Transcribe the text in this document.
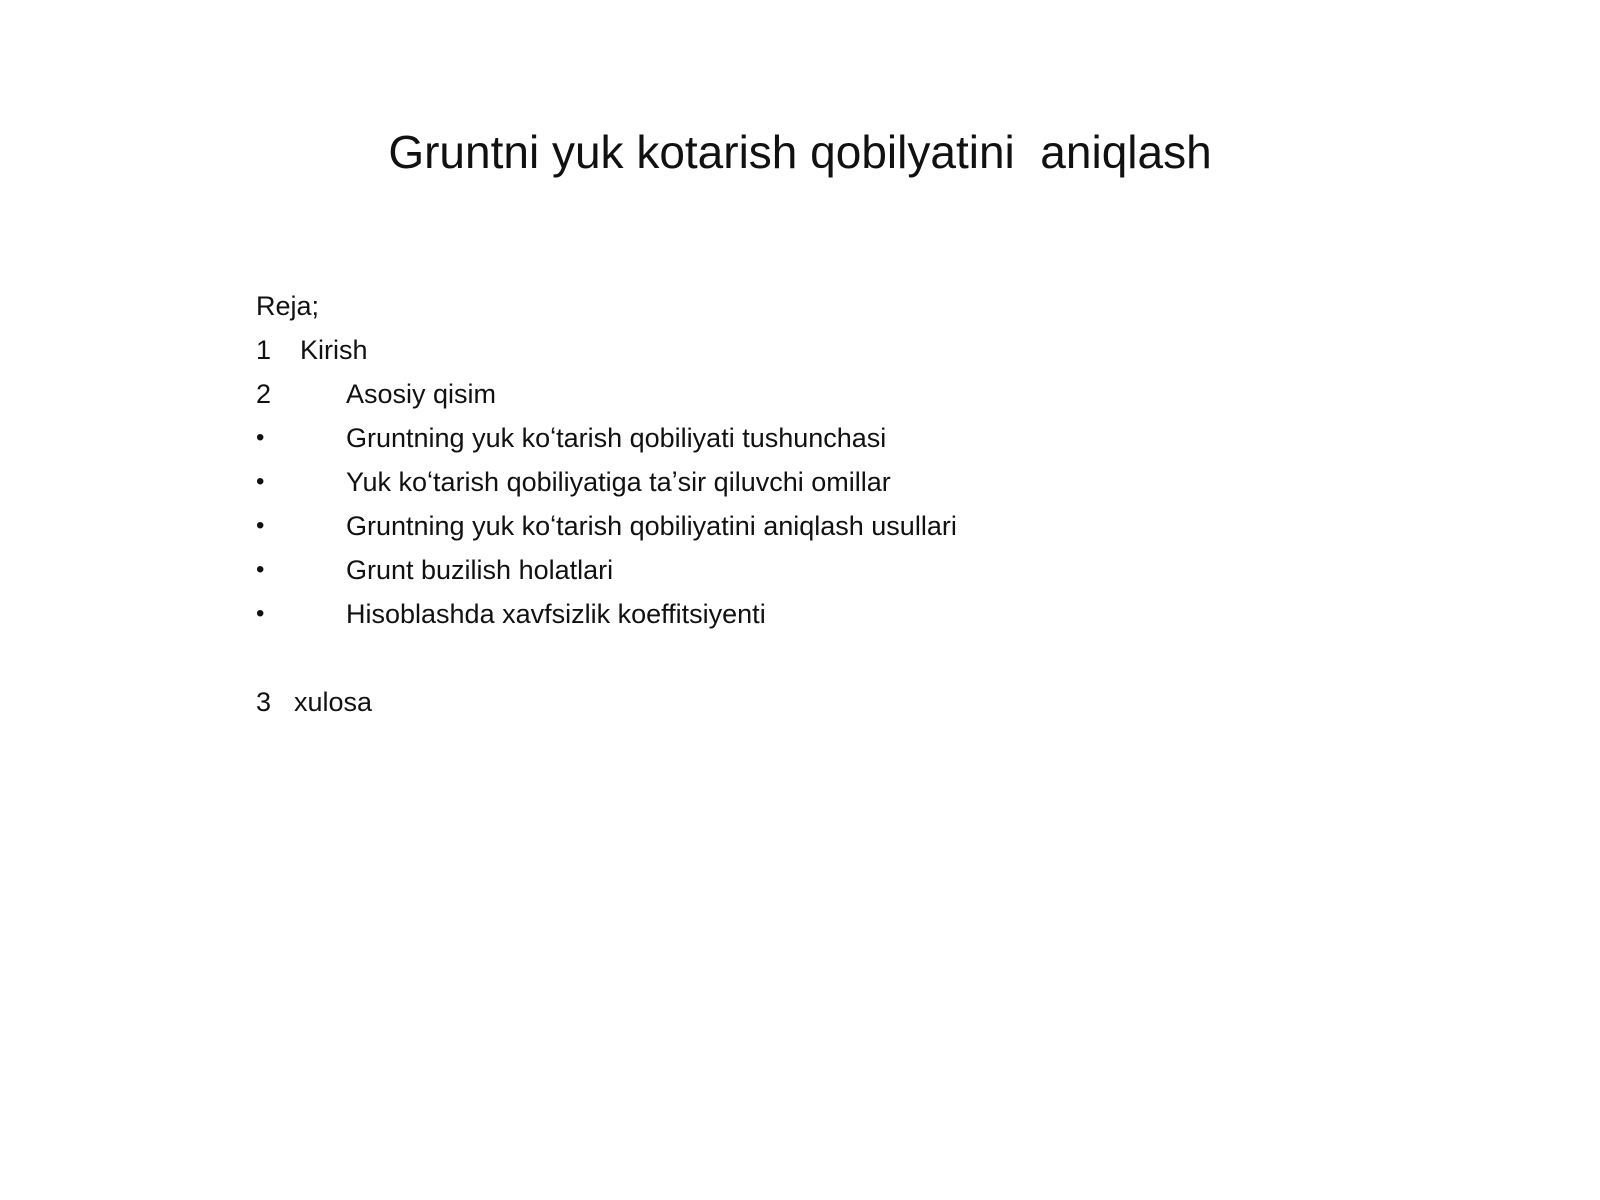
Gruntni yuk kotarish qobilyatini  aniqlash
Reja;
1 Kirish
2	Asosiy qisim
•	Gruntning yuk koʻtarish qobiliyati tushunchasi
•	Yuk koʻtarish qobiliyatiga taʼsir qiluvchi omillar
•	Gruntning yuk koʻtarish qobiliyatini aniqlash usullari
•	Grunt buzilish holatlari
•	Hisoblashda xavfsizlik koeffitsiyenti
3 xulosa
